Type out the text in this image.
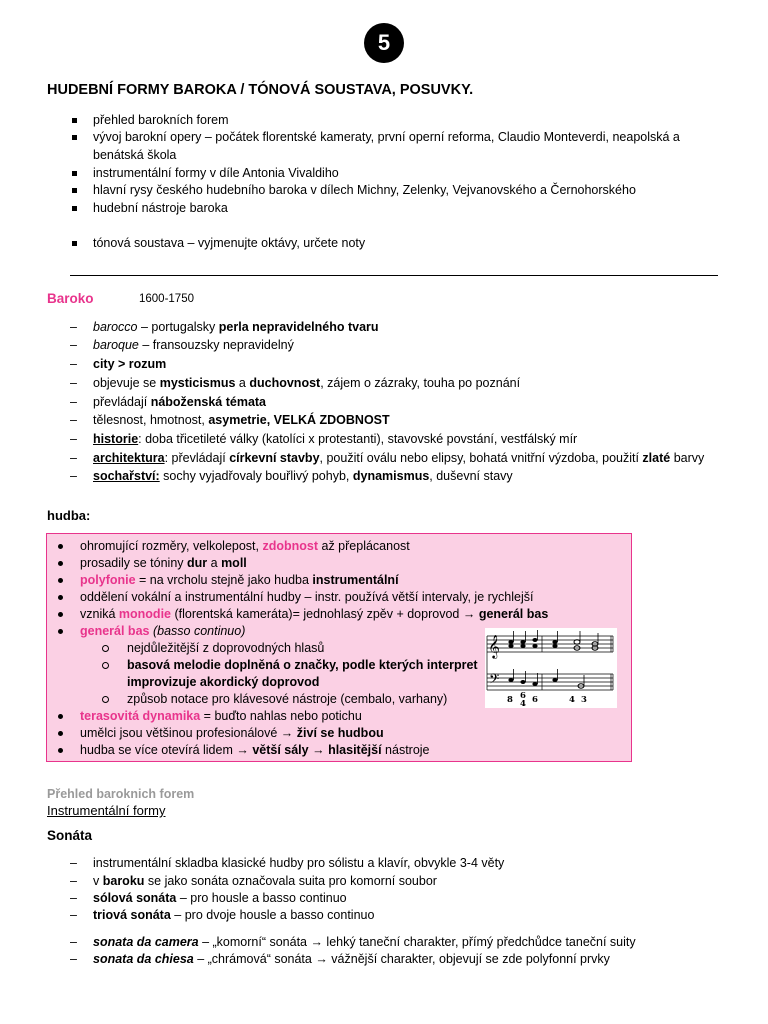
5
HUDEBNÍ FORMY BAROKA / TÓNOVÁ SOUSTAVA, POSUVKY.
přehled barokních forem
vývoj barokní opery – počátek florentské kameraty, první operní reforma, Claudio Monteverdi, neapolská a
benátská škola
instrumentální formy v díle Antonia Vivaldiho
hlavní rysy českého hudebního baroka v dílech Michny, Zelenky, Vejvanovského a Černohorského
hudební nástroje baroka
tónová soustava – vyjmenujte oktávy, určete noty
Baroko	1600-1750
– barocco – portugalsky perla nepravidelného tvaru
– baroque – fransouzsky nepravidelný
– city > rozum
– objevuje se mysticismus a duchovnost, zájem o zázraky, touha po poznání
– převládají náboženská témata
– tělesnost, hmotnost, asymetrie, VELKÁ ZDOBNOST
– historie: doba třicetileté války (katolíci x protestanti), stavovské povstání, vestfálský mír
– architektura: převládají církevní stavby, použití oválu nebo elipsy, bohatá vnitřní výzdoba, použití zlaté barvy
– sochařství: sochy vyjadřovaly bouřlivý pohyb, dynamismus, duševní stavy
hudba:
ohromující rozměry, velkolepost, zdobnost až přeplácanost
prosadily se tóniny dur a moll
polyfonie = na vrcholu stejně jako hudba instrumentální
oddělení vokální a instrumentální hudby – instr. používá větší intervaly, je rychlejší
vzniká monodie (florentská kameráta)= jednohlasý zpěv + doprovod → generál bas
generál bas (basso continuo)
nejdůležitější z doprovodných hlasů
basová melodie doplněná o značky, podle kterých interpret
improvizuje akordický doprovod
způsob notace pro klávesové nástroje (cembalo, varhany)
terasovitá dynamika = buďto nahlas nebo potichu
umělci jsou většinou profesionálové → živí se hudbou
hudba se více otevírá lidem → větší sály → hlasitější nástroje
𝄞
𝄢
8 6
4 6	4 3
Přehled baroknich forem
Instrumentální formy
Sonáta
– instrumentální skladba klasické hudby pro sólistu a klavír, obvykle 3-4 věty
– v baroku se jako sonáta označovala suita pro komorní soubor
– sólová sonáta – pro housle a basso continuo
– triová sonáta – pro dvoje housle a basso continuo
– sonata da camera – „komorní“ sonáta → lehký taneční charakter, přímý předchůdce taneční suity
– sonata da chiesa – „chrámová“ sonáta → vážnější charakter, objevují se zde polyfonní prvky
